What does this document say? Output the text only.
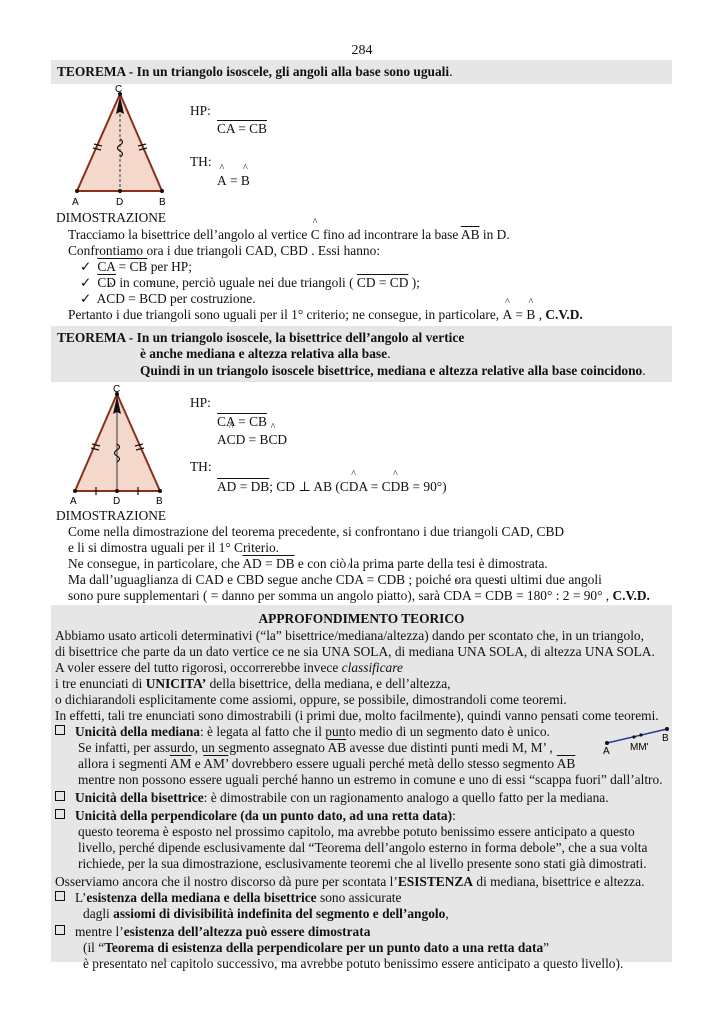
284
TEOREMA - In un triangolo isoscele, gli angoli alla base sono uguali.
C
A	D	B
HP:
CA = CB
TH:
^ A = ^ B
DIMOSTRAZIONE
Tracciamo la bisettrice dell’angolo al vertice ^ C fino ad incontrare la base $\overline{AB}$ in D.
Confrontiamo ora i due triangoli CAD, CBD . Essi hanno:
✓ CA = CB per HP;
✓ $\overline{CD}$ in comune, perciò uguale nei due triangoli ( CD = CD );
✓ A^ CD = B^ CD per costruzione.
Pertanto i due triangoli sono uguali per il 1° criterio; ne consegue, in particolare, ^ A = ^ B , C.V.D.
TEOREMA - In un triangolo isoscele, la bisettrice dell’angolo al vertice
è anche mediana e altezza relativa alla base.
Quindi in un triangolo isoscele bisettrice, mediana e altezza relative alla base coincidono.
C
A	D	B
HP:
CA = CB
A^ CD = B^ CD
TH:
AD = DB; CD ⊥ AB (C^ DA = C^ DB = 90°)
DIMOSTRAZIONE
Come nella dimostrazione del teorema precedente, si confrontano i due triangoli CAD, CBD
e li si dimostra uguali per il 1° Criterio.
Ne consegue, in particolare, che AD = DB e con ciò la prima parte della tesi è dimostrata.
Ma dall’uguaglianza di CAD e CBD segue anche C^ DA = C^ DB ; poiché ora questi ultimi due angoli
sono pure supplementari ( = danno per somma un angolo piatto), sarà C^ DA = C^ DB = 180° : 2 = 90° , C.V.D.
APPROFONDIMENTO TEORICO
Abbiamo usato articoli determinativi (“la” bisettrice/mediana/altezza) dando per scontato che, in un triangolo,
di bisettrice che parte da un dato vertice ce ne sia UNA SOLA, di mediana UNA SOLA, di altezza UNA SOLA.
A voler essere del tutto rigorosi, occorrerebbe invece classificare
i tre enunciati di UNICITA’ della bisettrice, della mediana, e dell’altezza,
o dichiarandoli esplicitamente come assiomi, oppure, se possibile, dimostrandoli come teoremi.
In effetti, tali tre enunciati sono dimostrabili (i primi due, molto facilmente), quindi vanno pensati come teoremi.
Unicità della mediana: è legata al fatto che il punto medio di un segmento dato è unico.
Se infatti, per assurdo, un segmento assegnato $\overline{AB}$ avesse due distinti punti medi M, M’ ,
allora i segmenti $\overline{AM}$ e AM’ dovrebbero essere uguali perché metà dello stesso segmento $\overline{AB}$
mentre non possono essere uguali perché hanno un estremo in comune e uno di essi “scappa fuori” dall’altro.
A MM'
B
Unicità della bisettrice: è dimostrabile con un ragionamento analogo a quello fatto per la mediana.
Unicità della perpendicolare (da un punto dato, ad una retta data):
questo teorema è esposto nel prossimo capitolo, ma avrebbe potuto benissimo essere anticipato a questo
livello, perché dipende esclusivamente dal “Teorema dell’angolo esterno in forma debole”, che a sua volta
richiede, per la sua dimostrazione, esclusivamente teoremi che al livello presente sono stati già dimostrati.
Osserviamo ancora che il nostro discorso dà pure per scontata l’ESISTENZA di mediana, bisettrice e altezza.
L’esistenza della mediana e della bisettrice sono assicurate
dagli assiomi di divisibilità indefinita del segmento e dell’angolo,
mentre l’esistenza dell’altezza può essere dimostrata
(il “Teorema di esistenza della perpendicolare per un punto dato a una retta data”
è presentato nel capitolo successivo, ma avrebbe potuto benissimo essere anticipato a questo livello).
